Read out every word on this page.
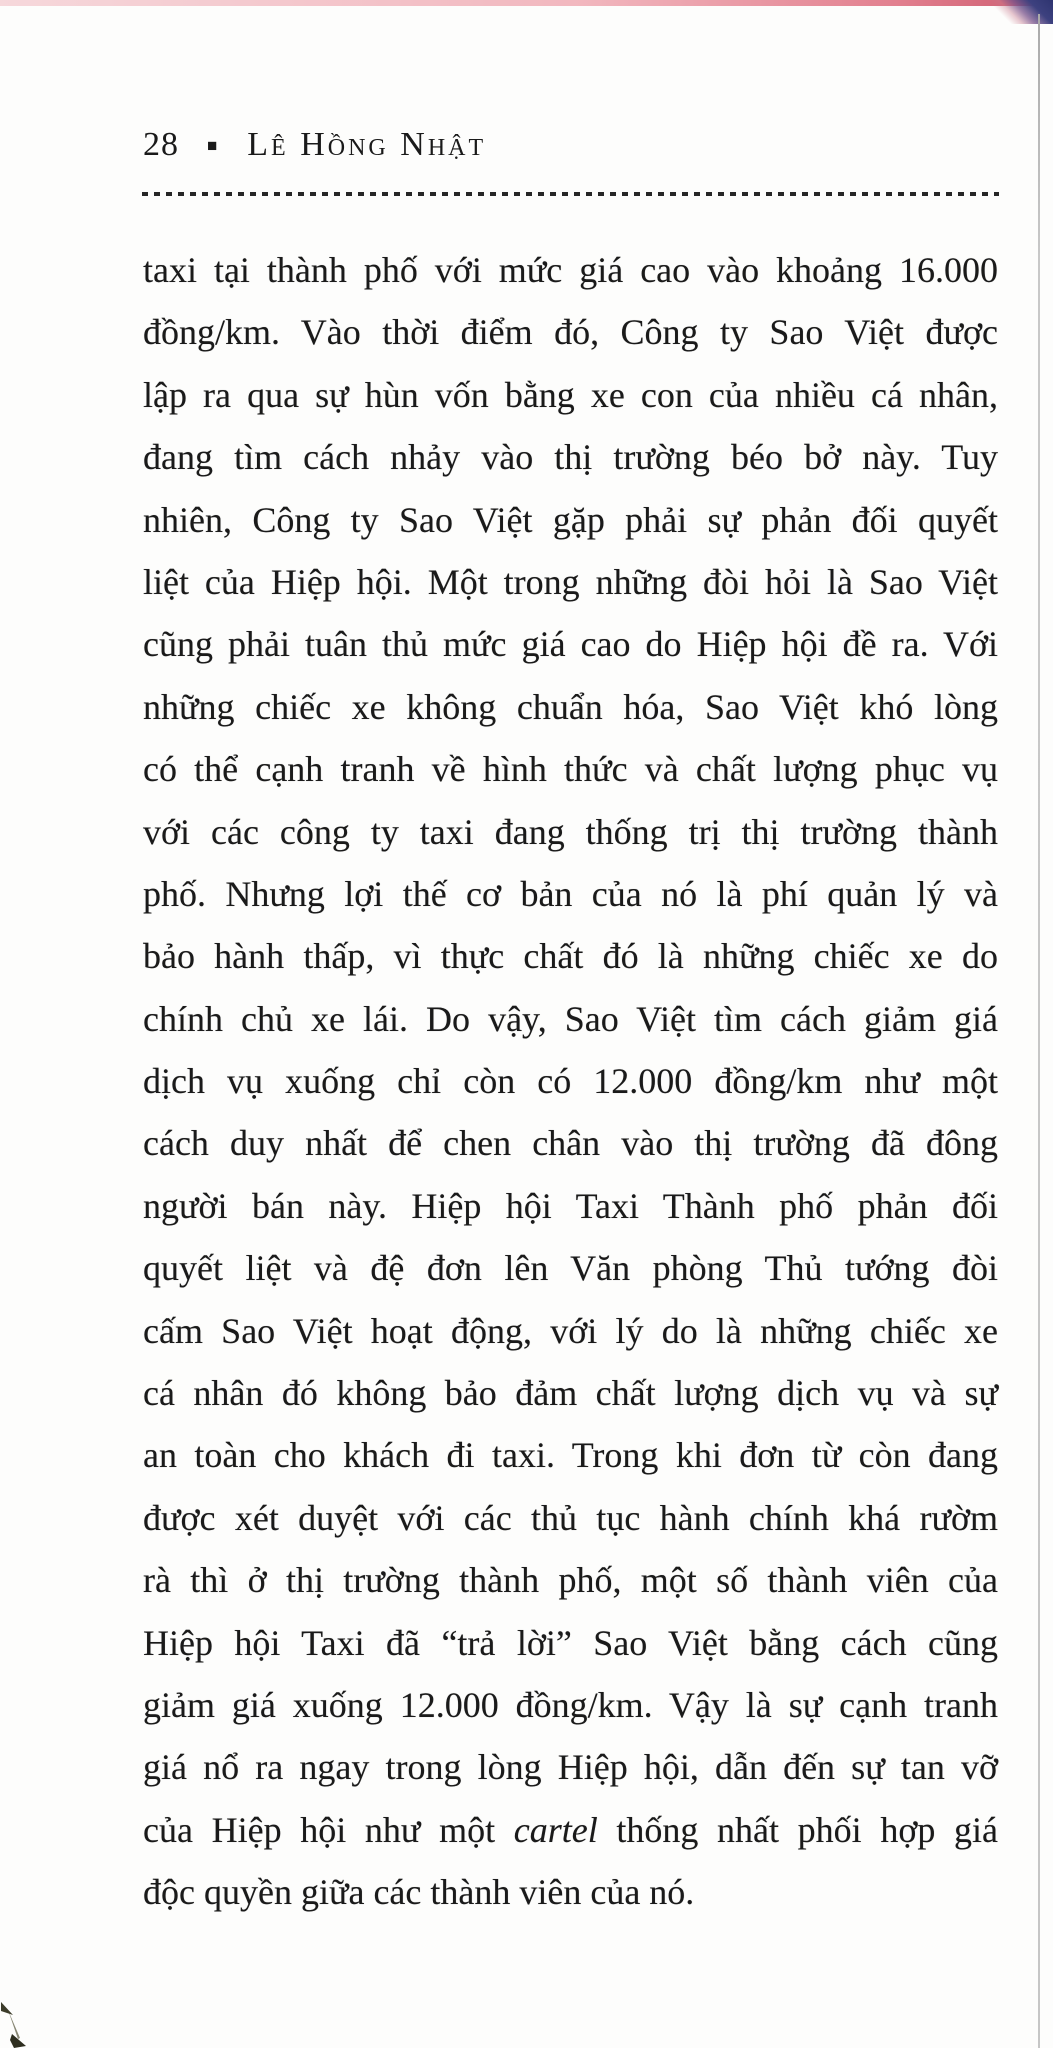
28 ■ Lê Hồng Nhật
taxi tại thành phố với mức giá cao vào khoảng 16.000
đồng/km. Vào thời điểm đó, Công ty Sao Việt được
lập ra qua sự hùn vốn bằng xe con của nhiều cá nhân,
đang tìm cách nhảy vào thị trường béo bở này. Tuy
nhiên, Công ty Sao Việt gặp phải sự phản đối quyết
liệt của Hiệp hội. Một trong những đòi hỏi là Sao Việt
cũng phải tuân thủ mức giá cao do Hiệp hội đề ra. Với
những chiếc xe không chuẩn hóa, Sao Việt khó lòng
có thể cạnh tranh về hình thức và chất lượng phục vụ
với các công ty taxi đang thống trị thị trường thành
phố. Nhưng lợi thế cơ bản của nó là phí quản lý và
bảo hành thấp, vì thực chất đó là những chiếc xe do
chính chủ xe lái. Do vậy, Sao Việt tìm cách giảm giá
dịch vụ xuống chỉ còn có 12.000 đồng/km như một
cách duy nhất để chen chân vào thị trường đã đông
người bán này. Hiệp hội Taxi Thành phố phản đối
quyết liệt và đệ đơn lên Văn phòng Thủ tướng đòi
cấm Sao Việt hoạt động, với lý do là những chiếc xe
cá nhân đó không bảo đảm chất lượng dịch vụ và sự
an toàn cho khách đi taxi. Trong khi đơn từ còn đang
được xét duyệt với các thủ tục hành chính khá rườm
rà thì ở thị trường thành phố, một số thành viên của
Hiệp hội Taxi đã “trả lời” Sao Việt bằng cách cũng
giảm giá xuống 12.000 đồng/km. Vậy là sự cạnh tranh
giá nổ ra ngay trong lòng Hiệp hội, dẫn đến sự tan vỡ
của Hiệp hội như một cartel thống nhất phối hợp giá
độc quyền giữa các thành viên của nó.
